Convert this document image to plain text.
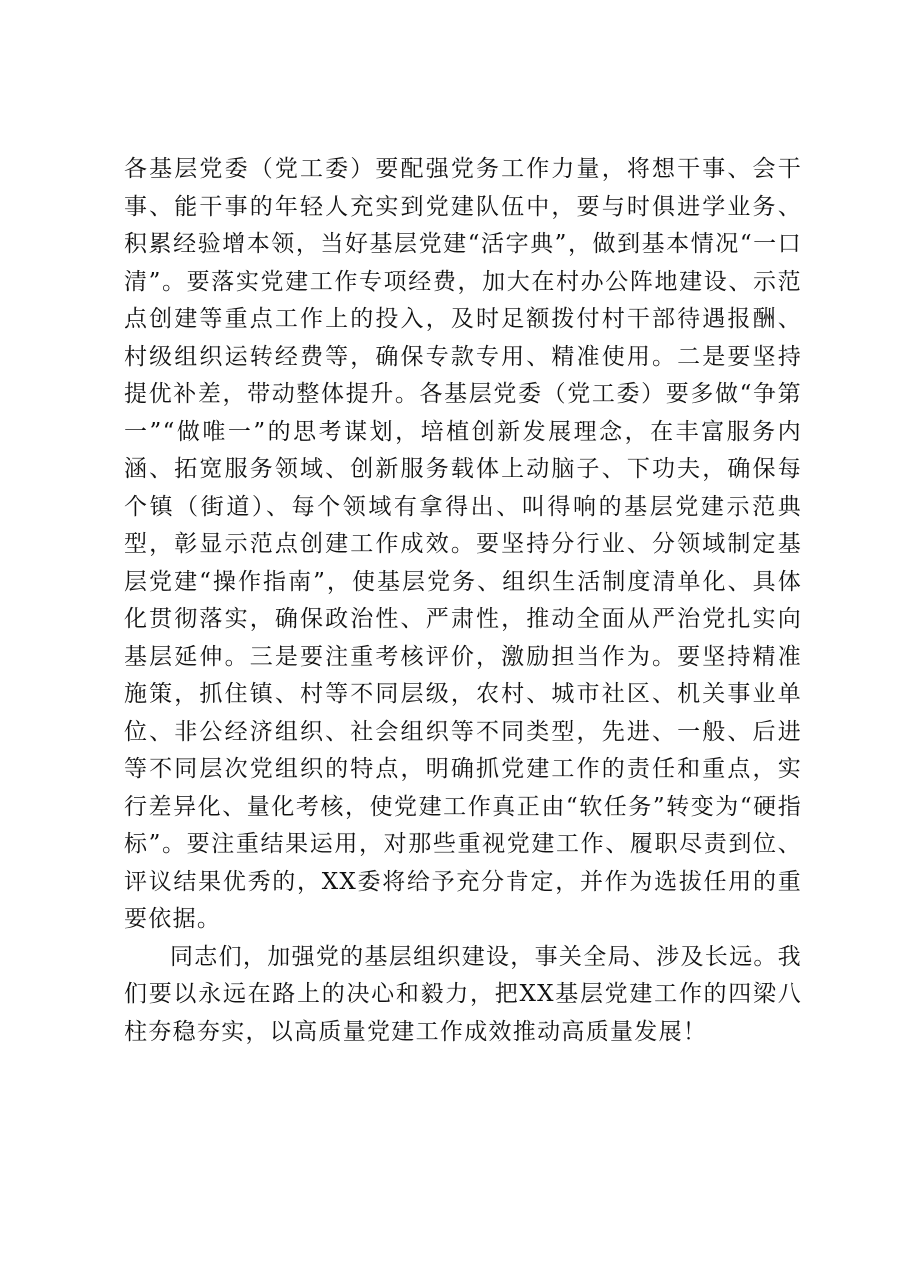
各基层党委（党工委）要配强党务工作力量，将想干事、会干事、能干事的年轻人充实到党建队伍中，要与时俱进学业务、积累经验增本领，当好基层党建“活字典”，做到基本情况“一口清”。要落实党建工作专项经费，加大在村办公阵地建设、示范点创建等重点工作上的投入，及时足额拨付村干部待遇报酬、村级组织运转经费等，确保专款专用、精准使用。二是要坚持提优补差，带动整体提升。各基层党委（党工委）要多做“争第一”“做唯一”的思考谋划，培植创新发展理念，在丰富服务内涵、拓宽服务领域、创新服务载体上动脑子、下功夫，确保每个镇（街道）、每个领域有拿得出、叫得响的基层党建示范典型，彰显示范点创建工作成效。要坚持分行业、分领域制定基层党建“操作指南”，使基层党务、组织生活制度清单化、具体化贯彻落实，确保政治性、严肃性，推动全面从严治党扎实向基层延伸。三是要注重考核评价，激励担当作为。要坚持精准施策，抓住镇、村等不同层级，农村、城市社区、机关事业单位、非公经济组织、社会组织等不同类型，先进、一般、后进等不同层次党组织的特点，明确抓党建工作的责任和重点，实行差异化、量化考核，使党建工作真正由“软任务”转变为“硬指标”。要注重结果运用，对那些重视党建工作、履职尽责到位、评议结果优秀的，XX委将给予充分肯定，并作为选拔任用的重要依据。

同志们，加强党的基层组织建设，事关全局、涉及长远。我们要以永远在路上的决心和毅力，把XX基层党建工作的四梁八柱夯稳夯实，以高质量党建工作成效推动高质量发展！
